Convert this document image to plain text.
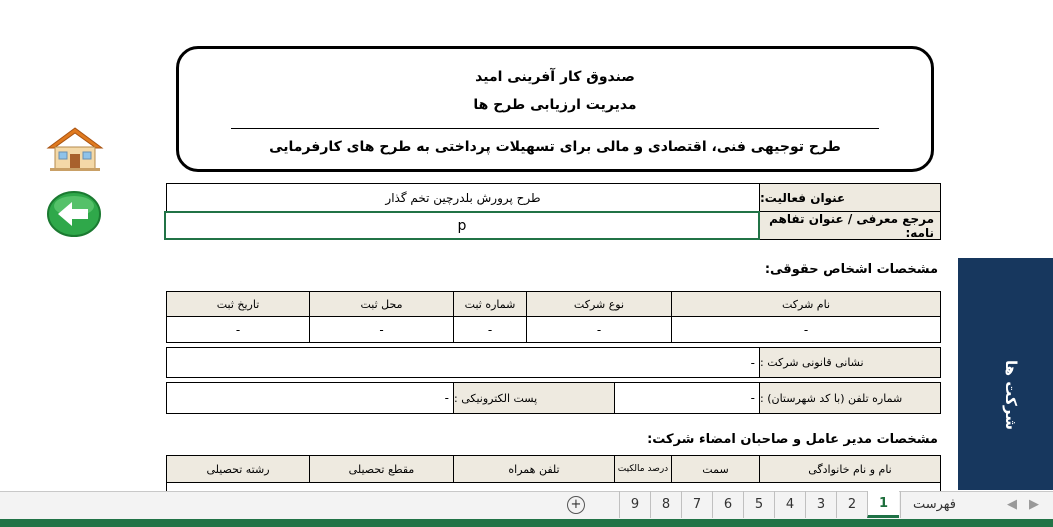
صندوق کار آفرینی امید
مدیریت ارزیابی طرح ها
طرح توجیهی فنی، اقتصادی و مالی برای تسهیلات پرداختی به طرح های کارفرمایی
عنوان فعالیت:
طرح پرورش بلدرچین تخم گذار
مرجع معرفی / عنوان تفاهم نامه:
p
مشخصات اشخاص حقوقی:
نام شرکت
نوع شرکت
شماره ثبت
محل ثبت
تاریخ ثبت
-
-
-
-
-
نشانی قانونی شرکت :
-
شماره تلفن (با کد شهرستان) :
-
پست الکترونیکی :
-
مشخصات مدیر عامل و صاحبان امضاء شرکت:
نام و نام خانوادگی
سمت
درصد مالکیت
تلفن همراه
مقطع تحصیلی
رشته تحصیلی
شرکت ها
◀ ▶
فهرست
1
2
3
4
5
6
7
8
9
+
